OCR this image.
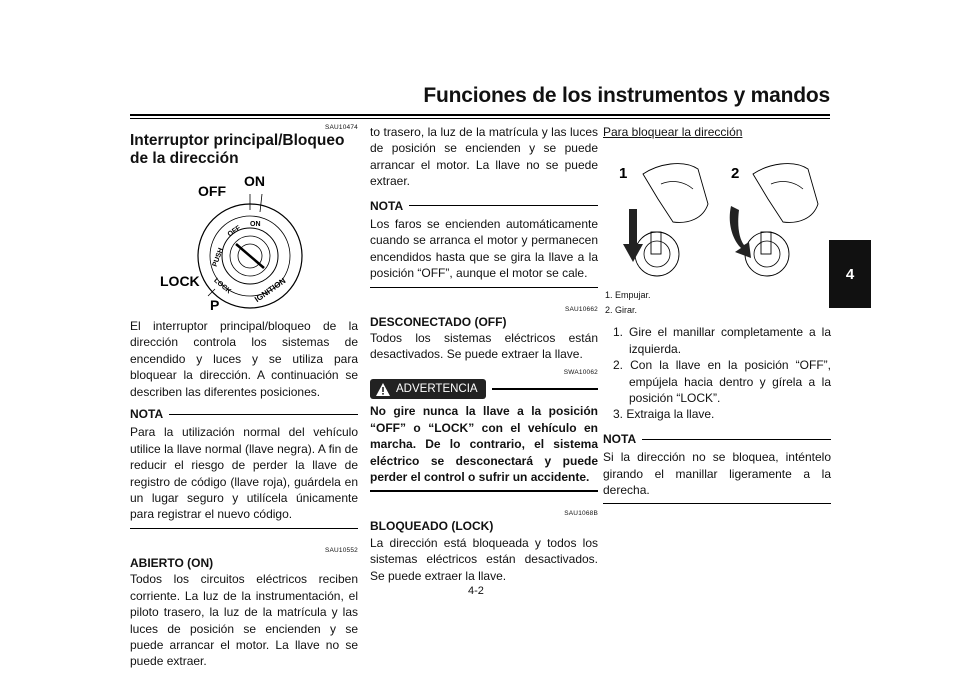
Funciones de los instrumentos y mandos
4
SAU10474
Interruptor principal/Bloqueo de la dirección
ON
OFF
LOCK
P
ON
OFF
PUSH
LOCK	IGNITION

El interruptor principal/bloqueo de la dirección controla los sistemas de encendido y luces y se utiliza para bloquear la dirección. A continuación se describen las diferentes posiciones.

NOTA

Para la utilización normal del vehículo utilice la llave normal (llave negra). A fin de reducir el riesgo de perder la llave de registro de código (llave roja), guárdela en un lugar seguro y utilícela únicamente para registrar el nuevo código.

SAU10552
ABIERTO (ON)

Todos los circuitos eléctricos reciben corriente. La luz de la instrumentación, el piloto trasero, la luz de la matrícula y las luces de posición se encienden y se puede arrancar el motor. La llave no se puede extraer.

to trasero, la luz de la matrícula y las luces de posición se encienden y se puede arrancar el motor. La llave no se puede extraer.

NOTA

Los faros se encienden automáticamente cuando se arranca el motor y permanecen encendidos hasta que se gira la llave a la posición “OFF”, aunque el motor se cale.

SAU10662
DESCONECTADO (OFF)

Todos los sistemas eléctricos están desactivados. Se puede extraer la llave.

SWA10062
ADVERTENCIA
No gire nunca la llave a la posición “OFF” o “LOCK” con el vehículo en marcha. De lo contrario, el sistema eléctrico se desconectará y puede perder el control o sufrir un accidente.
SAU1068B
BLOQUEADO (LOCK)

La dirección está bloqueada y todos los sistemas eléctricos están desactivados. Se puede extraer la llave.

Para bloquear la dirección
1	2
1. Empujar.
2. Girar.
1. Gire el manillar completamente a la izquierda.
2. Con la llave en la posición “OFF”, empújela hacia dentro y gírela a la posición “LOCK”.
3. Extraiga la llave.
NOTA

Si la dirección no se bloquea, inténtelo girando el manillar ligeramente a la derecha.

4-2
